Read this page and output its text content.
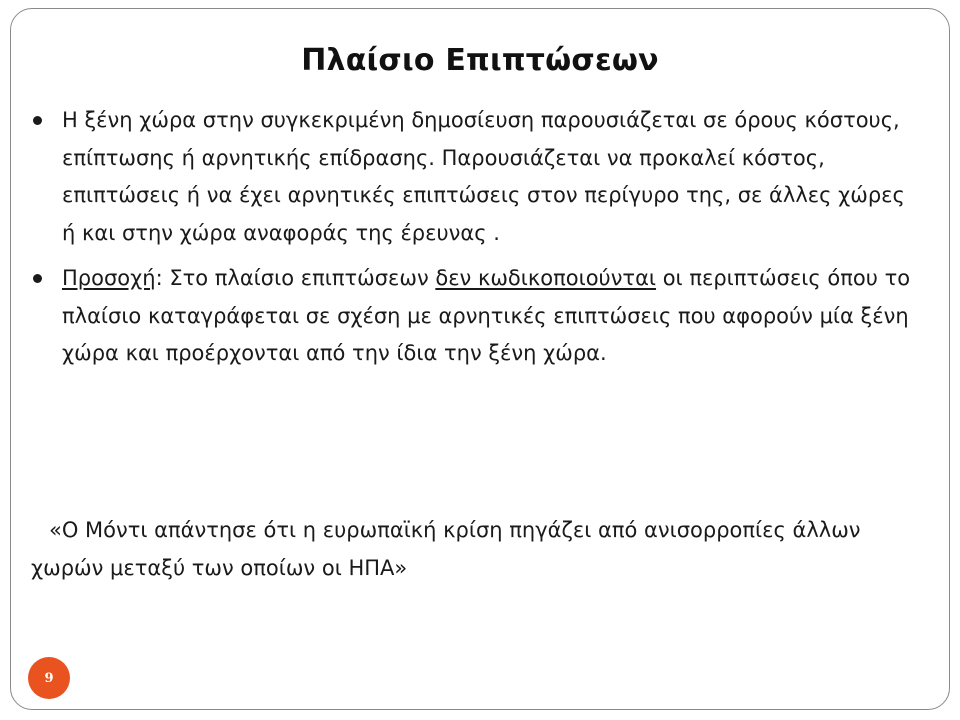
Πλαίσιο Επιπτώσεων
Η ξένη χώρα στην συγκεκριμένη δημοσίευση παρουσιάζεται σε όρους κόστους, επίπτωσης ή αρνητικής επίδρασης. Παρουσιάζεται να προκαλεί κόστος, επιπτώσεις ή να έχει αρνητικές επιπτώσεις στον περίγυρο της, σε άλλες χώρες ή και στην χώρα αναφοράς της έρευνας .
Προσοχή: Στο πλαίσιο επιπτώσεων δεν κωδικοποιούνται οι περιπτώσεις όπου το πλαίσιο καταγράφεται σε σχέση με αρνητικές επιπτώσεις που αφορούν μία ξένη χώρα και προέρχονται από την ίδια την ξένη χώρα.
«Ο Μόντι απάντησε ότι η ευρωπαϊκή κρίση πηγάζει από ανισορροπίες άλλων χωρών μεταξύ των οποίων οι ΗΠΑ»
9
